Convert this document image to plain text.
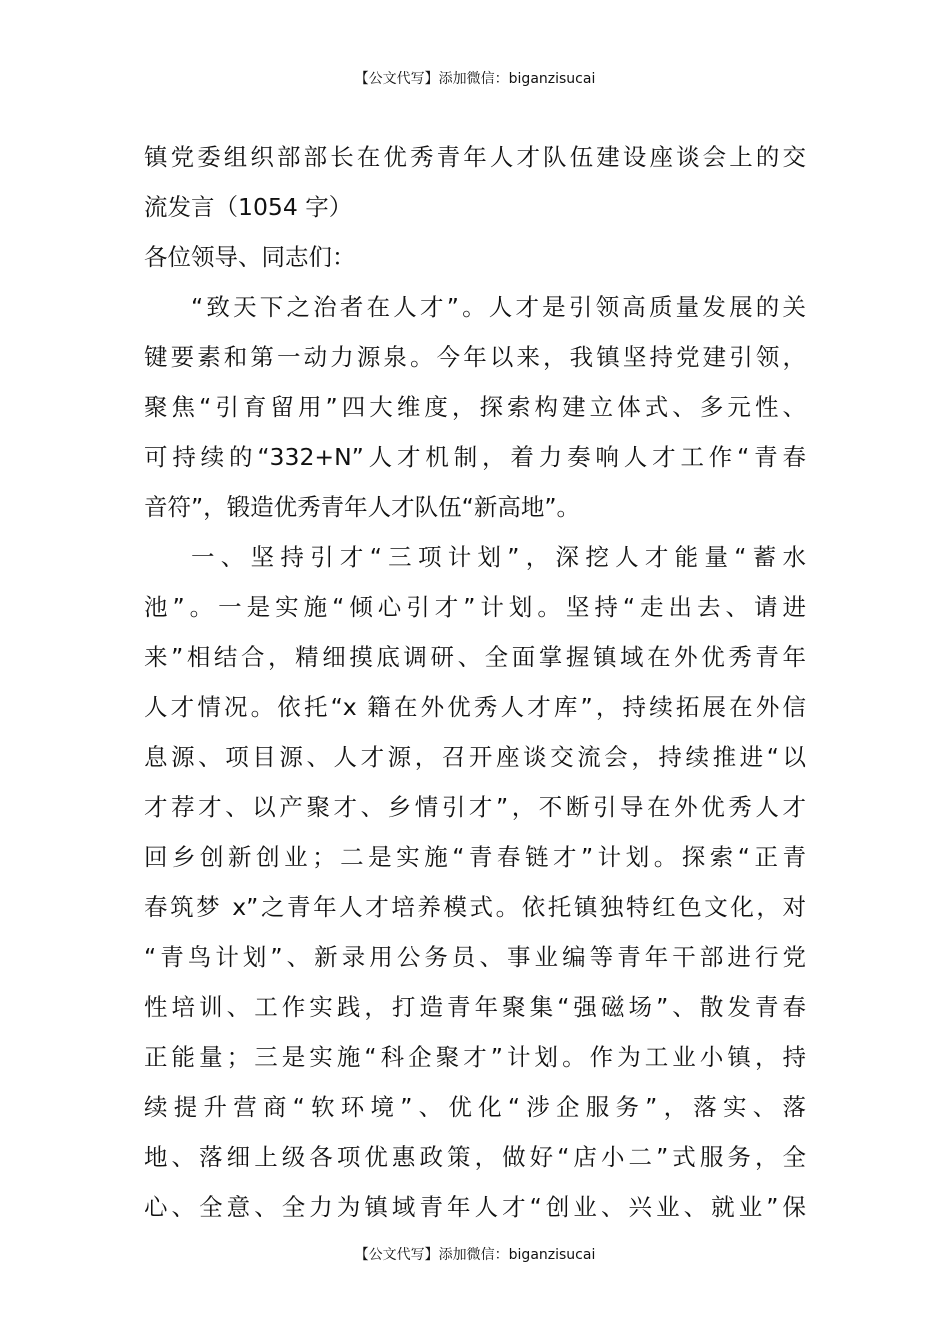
【公文代写】添加微信：biganzisucai
镇党委组织部部长在优秀青年人才队伍建设座谈会上的交
流发言（1054 字）
各位领导、同志们：
“致天下之治者在人才”。人才是引领高质量发展的关
键要素和第一动力源泉。今年以来，我镇坚持党建引领，
聚焦“引育留用”四大维度，探索构建立体式、多元性、
可持续的“332+N”人才机制，着力奏响人才工作“青春
音符”，锻造优秀青年人才队伍“新高地”。
一、坚持引才“三项计划”，深挖人才能量“蓄水
池”。一是实施“倾心引才”计划。坚持“走出去、请进
来”相结合，精细摸底调研、全面掌握镇域在外优秀青年
人才情况。依托“x 籍在外优秀人才库”，持续拓展在外信
息源、项目源、人才源，召开座谈交流会，持续推进“以
才荐才、以产聚才、乡情引才”，不断引导在外优秀人才
回乡创新创业；二是实施“青春链才”计划。探索“正青
春筑梦 x”之青年人才培养模式。依托镇独特红色文化，对
“青鸟计划”、新录用公务员、事业编等青年干部进行党
性培训、工作实践，打造青年聚集“强磁场”、散发青春
正能量；三是实施“科企聚才”计划。作为工业小镇，持
续提升营商“软环境”、优化“涉企服务”，落实、落
地、落细上级各项优惠政策，做好“店小二”式服务，全
心、全意、全力为镇域青年人才“创业、兴业、就业”保
【公文代写】添加微信：biganzisucai
